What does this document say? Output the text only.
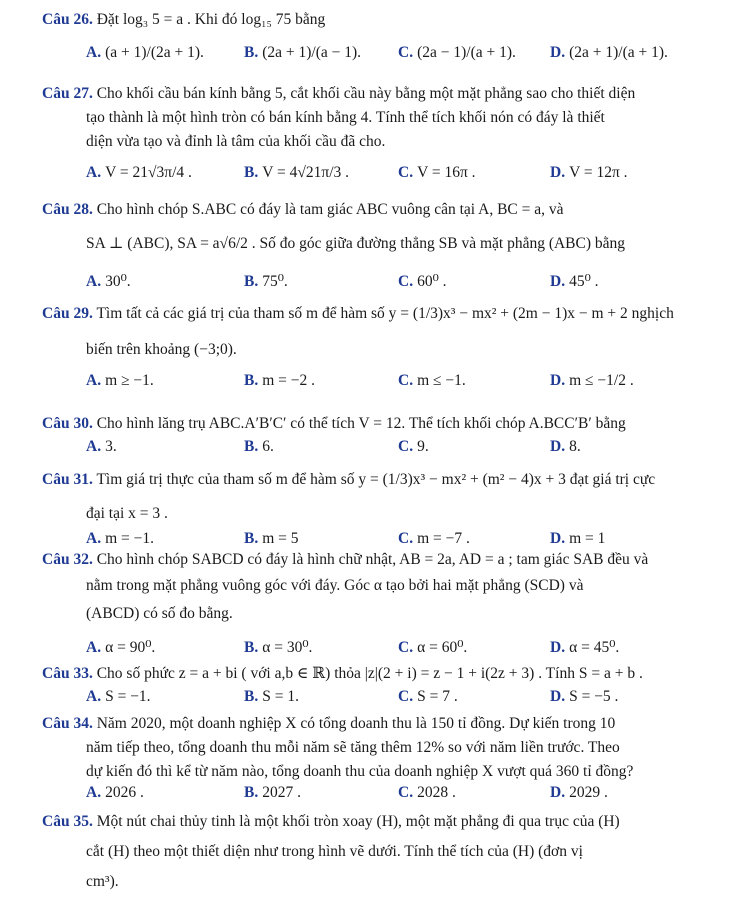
Câu 26. Đặt log₃ 5 = a . Khi đó log₁₅ 75 bằng
A. (a + 1)/(2a + 1).	B. (2a + 1)/(a − 1). C. (2a − 1)/(a + 1). D. (2a + 1)/(a + 1).
Câu 27. Cho khối cầu bán kính bằng 5, cắt khối cầu này bằng một mặt phẳng sao cho thiết diện
tạo thành là một hình tròn có bán kính bằng 4. Tính thể tích khối nón có đáy là thiết
diện vừa tạo và đỉnh là tâm của khối cầu đã cho.
A. V = 21√3π/4 .	B. V = 4√21π/3 .	C. V = 16π .	D. V = 12π .
Câu 28. Cho hình chóp S.ABC có đáy là tam giác ABC vuông cân tại A, BC = a, và
SA ⊥ (ABC), SA = a√6/2 . Số đo góc giữa đường thẳng SB và mặt phẳng (ABC) bằng
A. 30⁰.	B. 75⁰.	C. 60⁰ .	D. 45⁰ .
Câu 29. Tìm tất cả các giá trị của tham số m để hàm số y = (1/3)x³ − mx² + (2m − 1)x − m + 2 nghịch
biến trên khoảng (−3;0).
A. m ≥ −1.	B. m = −2 .	C. m ≤ −1.	D. m ≤ −1/2 .
Câu 30. Cho hình lăng trụ ABC.A′B′C′ có thể tích V = 12. Thể tích khối chóp A.BCC′B′ bằng
A. 3.	B. 6.	C. 9.	D. 8.
Câu 31. Tìm giá trị thực của tham số m để hàm số y = (1/3)x³ − mx² + (m² − 4)x + 3 đạt giá trị cực
đại tại x = 3 .
A. m = −1.	B. m = 5	C. m = −7 .	D. m = 1
Câu 32. Cho hình chóp SABCD có đáy là hình chữ nhật, AB = 2a, AD = a ; tam giác SAB đều và
nằm trong mặt phẳng vuông góc với đáy. Góc α tạo bởi hai mặt phẳng (SCD) và
(ABCD) có số đo bằng.
A. α = 90⁰.	B. α = 30⁰.	C. α = 60⁰.	D. α = 45⁰.
Câu 33. Cho số phức z = a + bi ( với a,b ∈ ℝ) thỏa |z|(2 + i) = z − 1 + i(2z + 3) . Tính S = a + b .
A. S = −1.	B. S = 1.	C. S = 7 .	D. S = −5 .
Câu 34. Năm 2020, một doanh nghiệp X có tổng doanh thu là 150 tỉ đồng. Dự kiến trong 10
năm tiếp theo, tổng doanh thu mỗi năm sẽ tăng thêm 12% so với năm liền trước. Theo
dự kiến đó thì kể từ năm nào, tổng doanh thu của doanh nghiệp X vượt quá 360 tỉ đồng?
A. 2026 .	B. 2027 .	C. 2028 .	D. 2029 .
Câu 35. Một nút chai thủy tinh là một khối tròn xoay (H), một mặt phẳng đi qua trục của (H)
cắt (H) theo một thiết diện như trong hình vẽ dưới. Tính thể tích của (H) (đơn vị
cm³).
